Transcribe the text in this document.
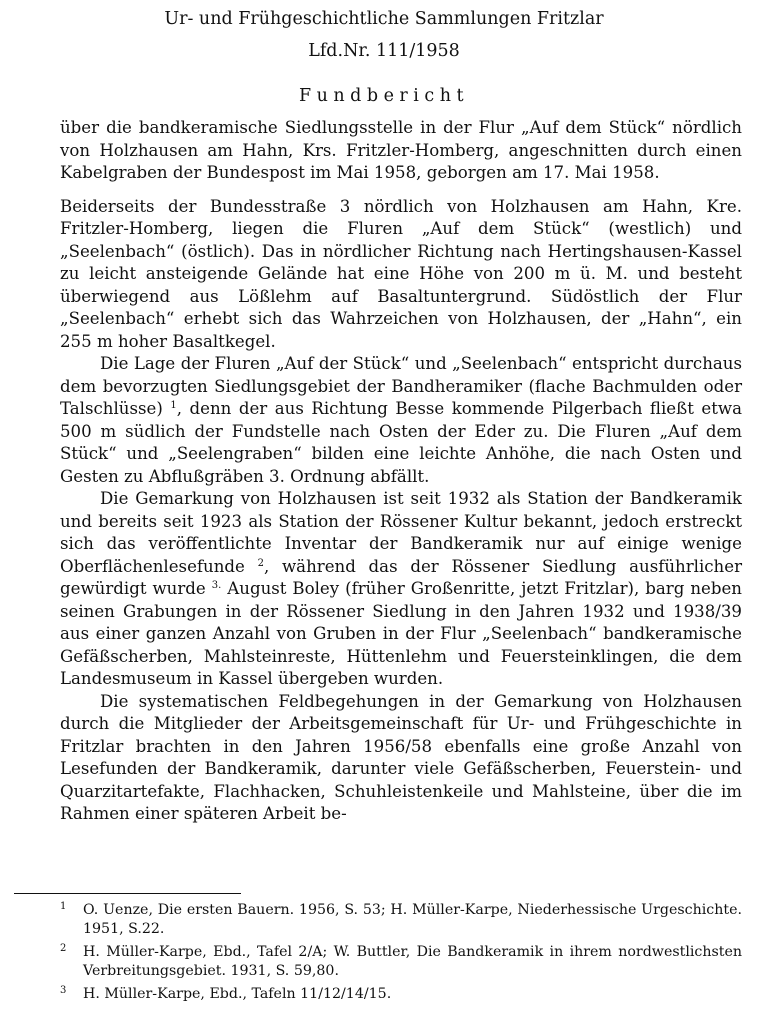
Ur- und Frühgeschichtliche Sammlungen Fritzlar
Lfd.Nr. 111/1958
Fundbericht

über die bandkeramische Siedlungsstelle in der Flur „Auf dem Stück“ nördlich von Holzhausen am Hahn, Krs. Fritzler-Homberg, angeschnitten durch einen Kabelgraben der Bundespost im Mai 1958, geborgen am 17. Mai 1958.

Beiderseits der Bundesstraße 3 nördlich von Holzhausen am Hahn, Kre. Fritzler-Homberg, liegen die Fluren „Auf dem Stück“ (westlich) und „Seelenbach“ (östlich). Das in nördlicher Richtung nach Hertingshausen-Kassel zu leicht ansteigende Gelände hat eine Höhe von 200 m ü. M. und besteht überwiegend aus Lößlehm auf Basaltuntergrund. Südöstlich der Flur „Seelenbach“ erhebt sich das Wahrzeichen von Holzhausen, der „Hahn“, ein 255 m hoher Basaltkegel.

Die Lage der Fluren „Auf der Stück“ und „Seelenbach“ entspricht durchaus dem bevorzugten Siedlungsgebiet der Bandheramiker (flache Bachmulden oder Talschlüsse) $^1$, denn der aus Richtung Besse kommende Pilgerbach fließt etwa 500 m südlich der Fundstelle nach Osten der Eder zu. Die Fluren „Auf dem Stück“ und „Seelengraben“ bilden eine leichte Anhöhe, die nach Osten und Gesten zu Abflußgräben 3. Ordnung abfällt.

Die Gemarkung von Holzhausen ist seit 1932 als Station der Bandkeramik und bereits seit 1923 als Station der Rössener Kultur bekannt, jedoch erstreckt sich das veröffentlichte Inventar der Bandkeramik nur auf einige wenige Oberflächenlesefunde $^2$, während das der Rössener Siedlung ausführlicher gewürdigt wurde $^{3.}$ August Boley (früher Großenritte, jetzt Fritzlar), barg neben seinen Grabungen in der Rössener Siedlung in den Jahren 1932 und 1938/39 aus einer ganzen Anzahl von Gruben in der Flur „Seelenbach“ bandkeramische Gefäßscherben, Mahlsteinreste, Hüttenlehm und Feuersteinklingen, die dem Landesmuseum in Kassel übergeben wurden.

Die systematischen Feldbegehungen in der Gemarkung von Holzhausen durch die Mitglieder der Arbeitsgemeinschaft für Ur- und Frühgeschichte in Fritzlar brachten in den Jahren 1956/58 ebenfalls eine große Anzahl von Lesefunden der Bandkeramik, darunter viele Gefäßscherben, Feuerstein- und Quarzitartefakte, Flachhacken, Schuhleistenkeile und Mahlsteine, über die im Rahmen einer späteren Arbeit be-

1 O. Uenze, Die ersten Bauern. 1956, S. 53; H. Müller-Karpe, Niederhessische Urgeschichte. 1951, S.22.

2 H. Müller-Karpe, Ebd., Tafel 2/A; W. Buttler, Die Bandkeramik in ihrem nordwestlichsten Verbreitungsgebiet. 1931, S. 59,80.

3 H. Müller-Karpe, Ebd., Tafeln 11/12/14/15.
